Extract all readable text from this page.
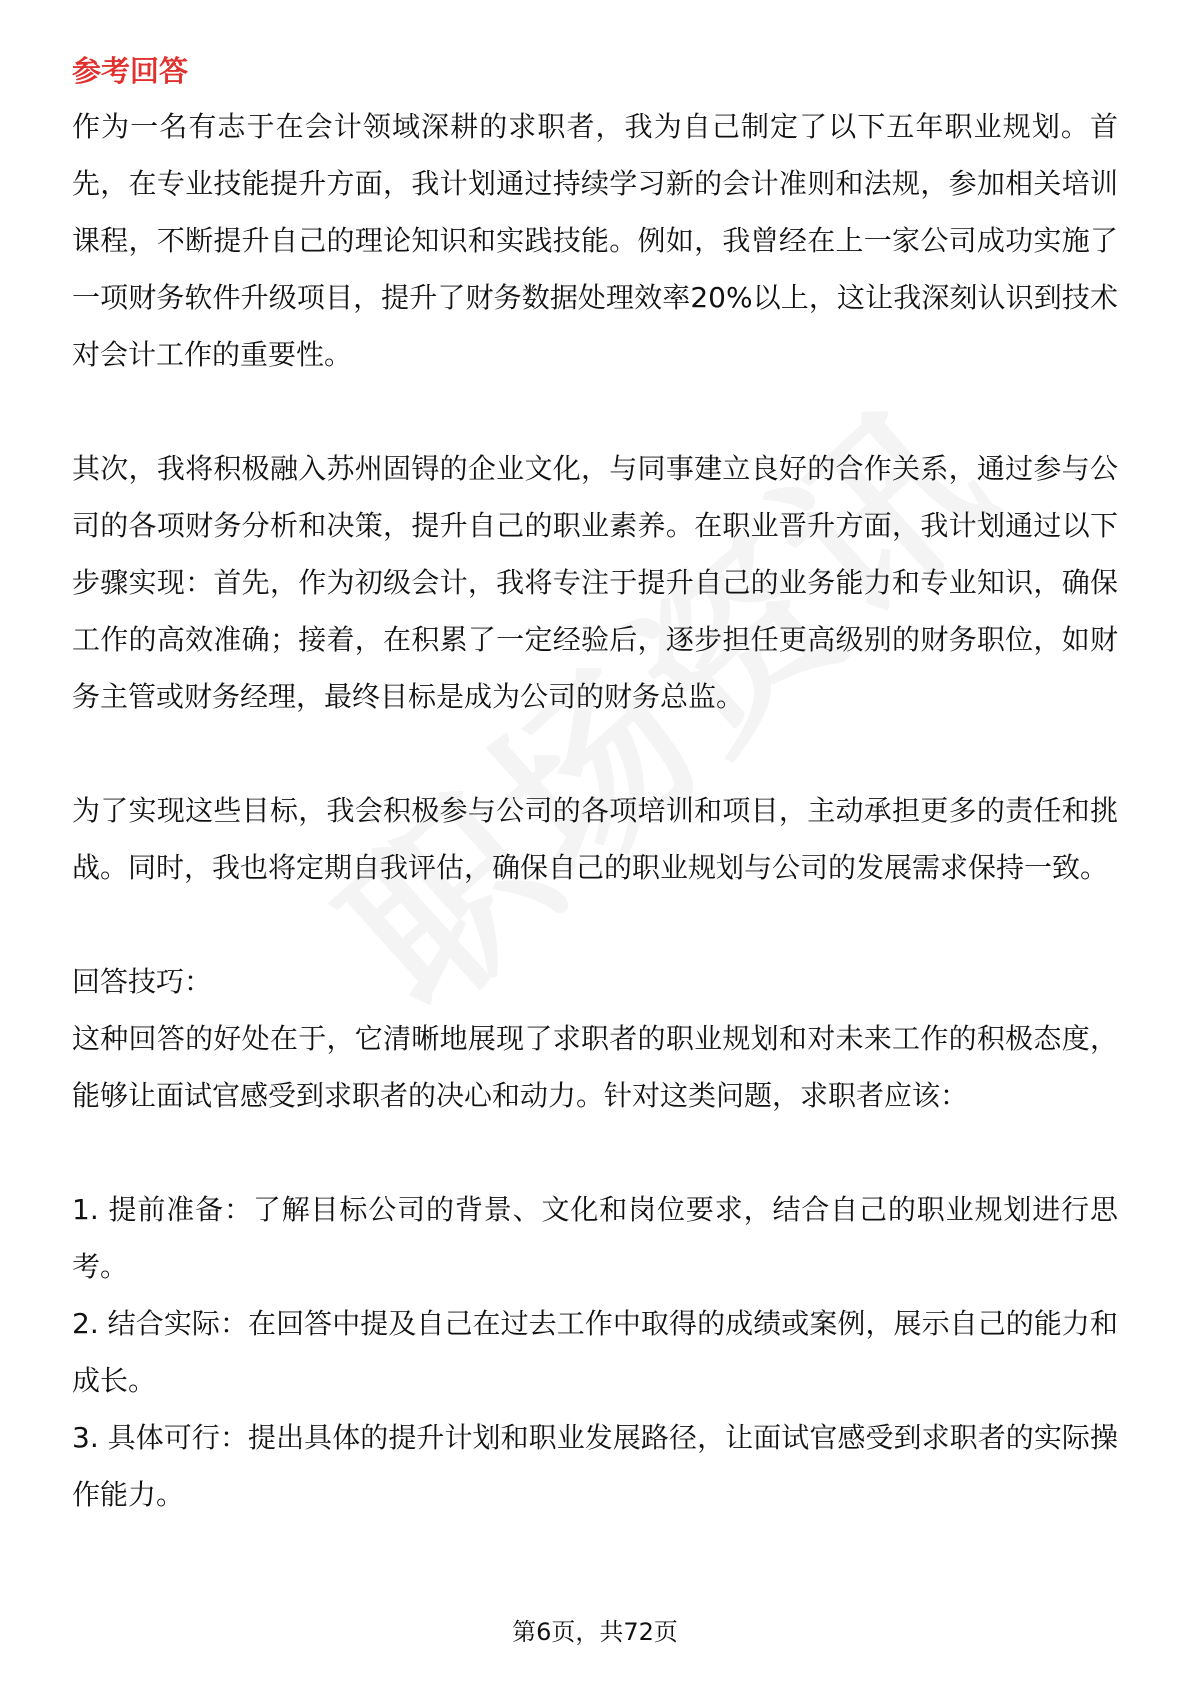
参考回答

作为一名有志于在会计领域深耕的求职者，我为自己制定了以下五年职业规划。首先，在专业技能提升方面，我计划通过持续学习新的会计准则和法规，参加相关培训课程，不断提升自己的理论知识和实践技能。例如，我曾经在上一家公司成功实施了一项财务软件升级项目，提升了财务数据处理效率20%以上，这让我深刻认识到技术对会计工作的重要性。

其次，我将积极融入苏州固锝的企业文化，与同事建立良好的合作关系，通过参与公司的各项财务分析和决策，提升自己的职业素养。在职业晋升方面，我计划通过以下步骤实现：首先，作为初级会计，我将专注于提升自己的业务能力和专业知识，确保工作的高效准确；接着，在积累了一定经验后，逐步担任更高级别的财务职位，如财务主管或财务经理，最终目标是成为公司的财务总监。

为了实现这些目标，我会积极参与公司的各项培训和项目，主动承担更多的责任和挑战。同时，我也将定期自我评估，确保自己的职业规划与公司的发展需求保持一致。

回答技巧：

这种回答的好处在于，它清晰地展现了求职者的职业规划和对未来工作的积极态度，能够让面试官感受到求职者的决心和动力。针对这类问题，求职者应该：

1. 提前准备：了解目标公司的背景、文化和岗位要求，结合自己的职业规划进行思考。

2. 结合实际：在回答中提及自己在过去工作中取得的成绩或案例，展示自己的能力和成长。

3. 具体可行：提出具体的提升计划和职业发展路径，让面试官感受到求职者的实际操作能力。

第6页，共72页
